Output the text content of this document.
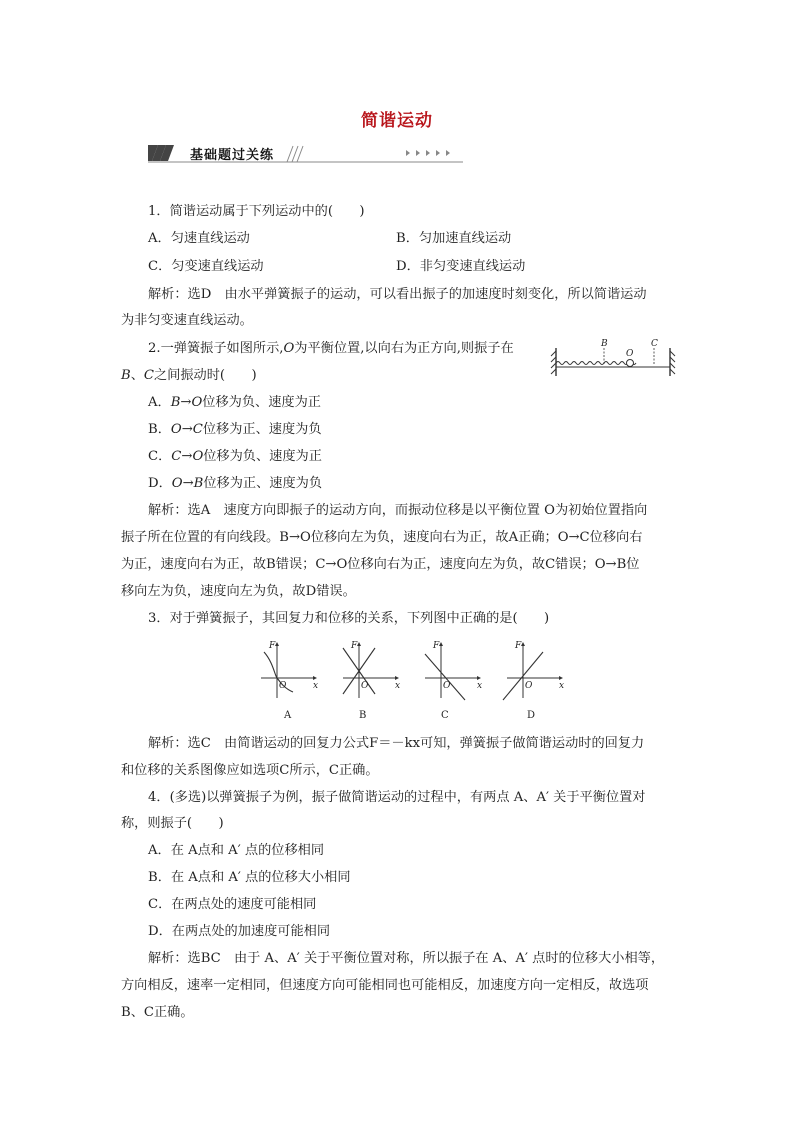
简谐运动
基础题过关练
1．简谐运动属于下列运动中的(　　)
A．匀速直线运动	B．匀加速直线运动
C．匀变速直线运动	D．非匀变速直线运动
解析：选D　由水平弹簧振子的运动，可以看出振子的加速度时刻变化，所以简谐运动
为非匀变速直线运动。
2.一弹簧振子如图所示,O为平衡位置,以向右为正方向,则振子在
B、C之间振动时(　　)
B
O
C
A．B→O位移为负、速度为正
B．O→C位移为正、速度为负
C．C→O位移为负、速度为正
D．O→B位移为正、速度为负
解析：选A　速度方向即振子的运动方向，而振动位移是以平衡位置 O为初始位置指向
振子所在位置的有向线段。B→O位移向左为负，速度向右为正，故A正确；O→C位移向右
为正，速度向右为正，故B错误；C→O位移向右为正，速度向左为负，故C错误；O→B位
移向左为负，速度向左为负，故D错误。
3．对于弹簧振子，其回复力和位移的关系，下列图中正确的是(　　)
F
O	x
A
F
O	x
B
F
O	x
C
F
O	x
D
解析：选C　由简谐运动的回复力公式F＝－kx可知，弹簧振子做简谐运动时的回复力
和位移的关系图像应如选项C所示，C正确。
4．(多选)以弹簧振子为例，振子做简谐运动的过程中，有两点 A、A′ 关于平衡位置对
称，则振子(　　)
A．在 A点和 A′ 点的位移相同
B．在 A点和 A′ 点的位移大小相同
C．在两点处的速度可能相同
D．在两点处的加速度可能相同
解析：选BC　由于 A、A′ 关于平衡位置对称，所以振子在 A、A′ 点时的位移大小相等，
方向相反，速率一定相同，但速度方向可能相同也可能相反，加速度方向一定相反，故选项
B、C正确。
